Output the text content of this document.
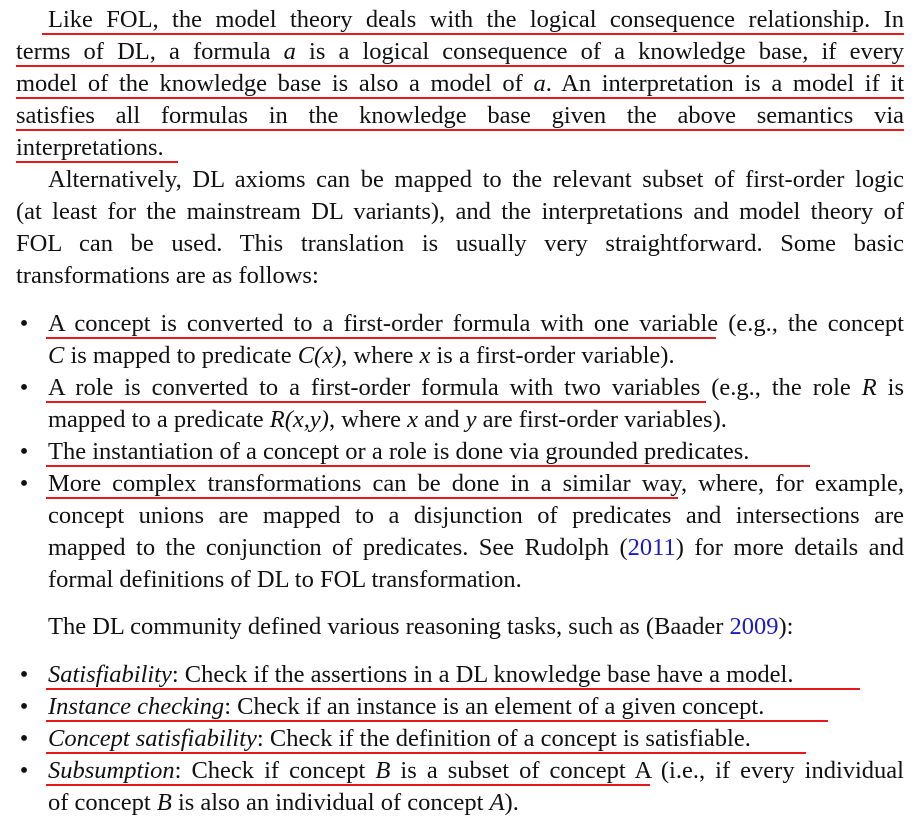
Like FOL, the model theory deals with the logical consequence relationship. In
terms of DL, a formula a is a logical consequence of a knowledge base, if every
model of the knowledge base is also a model of a. An interpretation is a model if it
satisfies all formulas in the knowledge base given the above semantics via
interpretations.
Alternatively, DL axioms can be mapped to the relevant subset of first-order logic
(at least for the mainstream DL variants), and the interpretations and model theory of
FOL can be used. This translation is usually very straightforward. Some basic
transformations are as follows:
• A concept is converted to a first-order formula with one variable (e.g., the concept
C is mapped to predicate C(x), where x is a first-order variable).
• A role is converted to a first-order formula with two variables (e.g., the role R is
mapped to a predicate R(x,y), where x and y are first-order variables).
• The instantiation of a concept or a role is done via grounded predicates.
• More complex transformations can be done in a similar way, where, for example,
concept unions are mapped to a disjunction of predicates and intersections are
mapped to the conjunction of predicates. See Rudolph (2011) for more details and
formal definitions of DL to FOL transformation.
The DL community defined various reasoning tasks, such as (Baader 2009):
• Satisfiability: Check if the assertions in a DL knowledge base have a model.
• Instance checking: Check if an instance is an element of a given concept.
• Concept satisfiability: Check if the definition of a concept is satisfiable.
• Subsumption: Check if concept B is a subset of concept A (i.e., if every individual
of concept B is also an individual of concept A).
